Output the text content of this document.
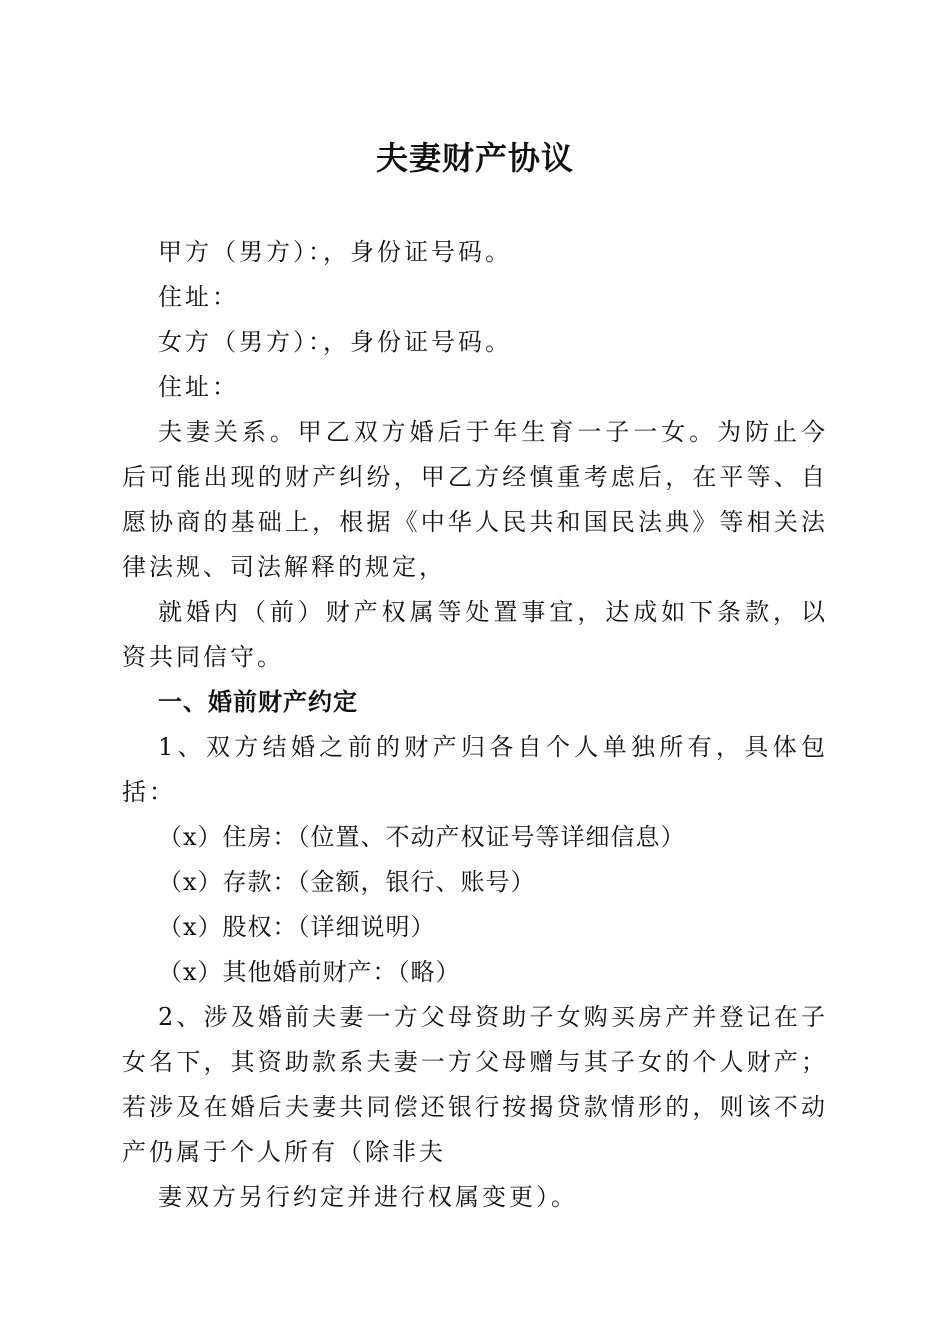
夫妻财产协议

甲方（男方）：，身份证号码。

住址：

女方（男方）：，身份证号码。

住址：

夫妻关系。甲乙双方婚后于年生育一子一女。为防止今后可能出现的财产纠纷，甲乙方经慎重考虑后，在平等、自愿协商的基础上，根据《中华人民共和国民法典》等相关法律法规、司法解释的规定，

就婚内（前）财产权属等处置事宜，达成如下条款，以资共同信守。

一、婚前财产约定

1、双方结婚之前的财产归各自个人单独所有，具体包括：

（x）住房：（位置、不动产权证号等详细信息）

（x）存款：（金额，银行、账号）

（x）股权：（详细说明）

（x）其他婚前财产：（略）

2、涉及婚前夫妻一方父母资助子女购买房产并登记在子女名下，其资助款系夫妻一方父母赠与其子女的个人财产；若涉及在婚后夫妻共同偿还银行按揭贷款情形的，则该不动产仍属于个人所有（除非夫

妻双方另行约定并进行权属变更）。
